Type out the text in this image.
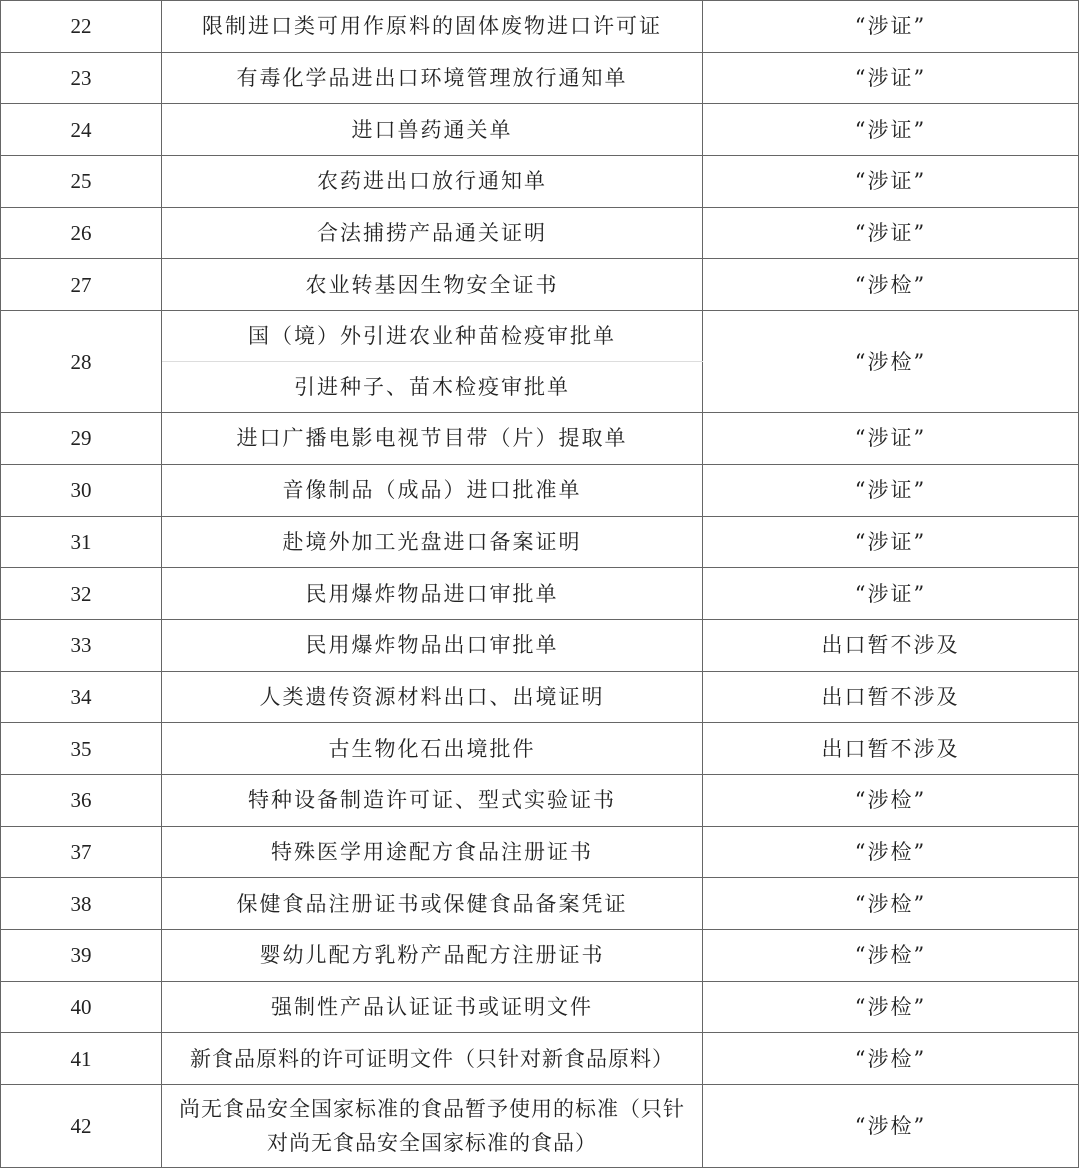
22	限制进口类可用作原料的固体废物进口许可证	“涉证”
23	有毒化学品进出口环境管理放行通知单	“涉证”
24	进口兽药通关单	“涉证”
25	农药进出口放行通知单	“涉证”
26	合法捕捞产品通关证明	“涉证”
27	农业转基因生物安全证书	“涉检”
28	国（境）外引进农业种苗检疫审批单	“涉检”
	引进种子、苗木检疫审批单	
29	进口广播电影电视节目带（片）提取单	“涉证”
30	音像制品（成品）进口批准单	“涉证”
31	赴境外加工光盘进口备案证明	“涉证”
32	民用爆炸物品进口审批单	“涉证”
33	民用爆炸物品出口审批单	出口暂不涉及
34	人类遗传资源材料出口、出境证明	出口暂不涉及
35	古生物化石出境批件	出口暂不涉及
36	特种设备制造许可证、型式实验证书	“涉检”
37	特殊医学用途配方食品注册证书	“涉检”
38	保健食品注册证书或保健食品备案凭证	“涉检”
39	婴幼儿配方乳粉产品配方注册证书	“涉检”
40	强制性产品认证证书或证明文件	“涉检”
41	新食品原料的许可证明文件（只针对新食品原料）	“涉检”
42	尚无食品安全国家标准的食品暂予使用的标准（只针对尚无食品安全国家标准的食品）	“涉检”
